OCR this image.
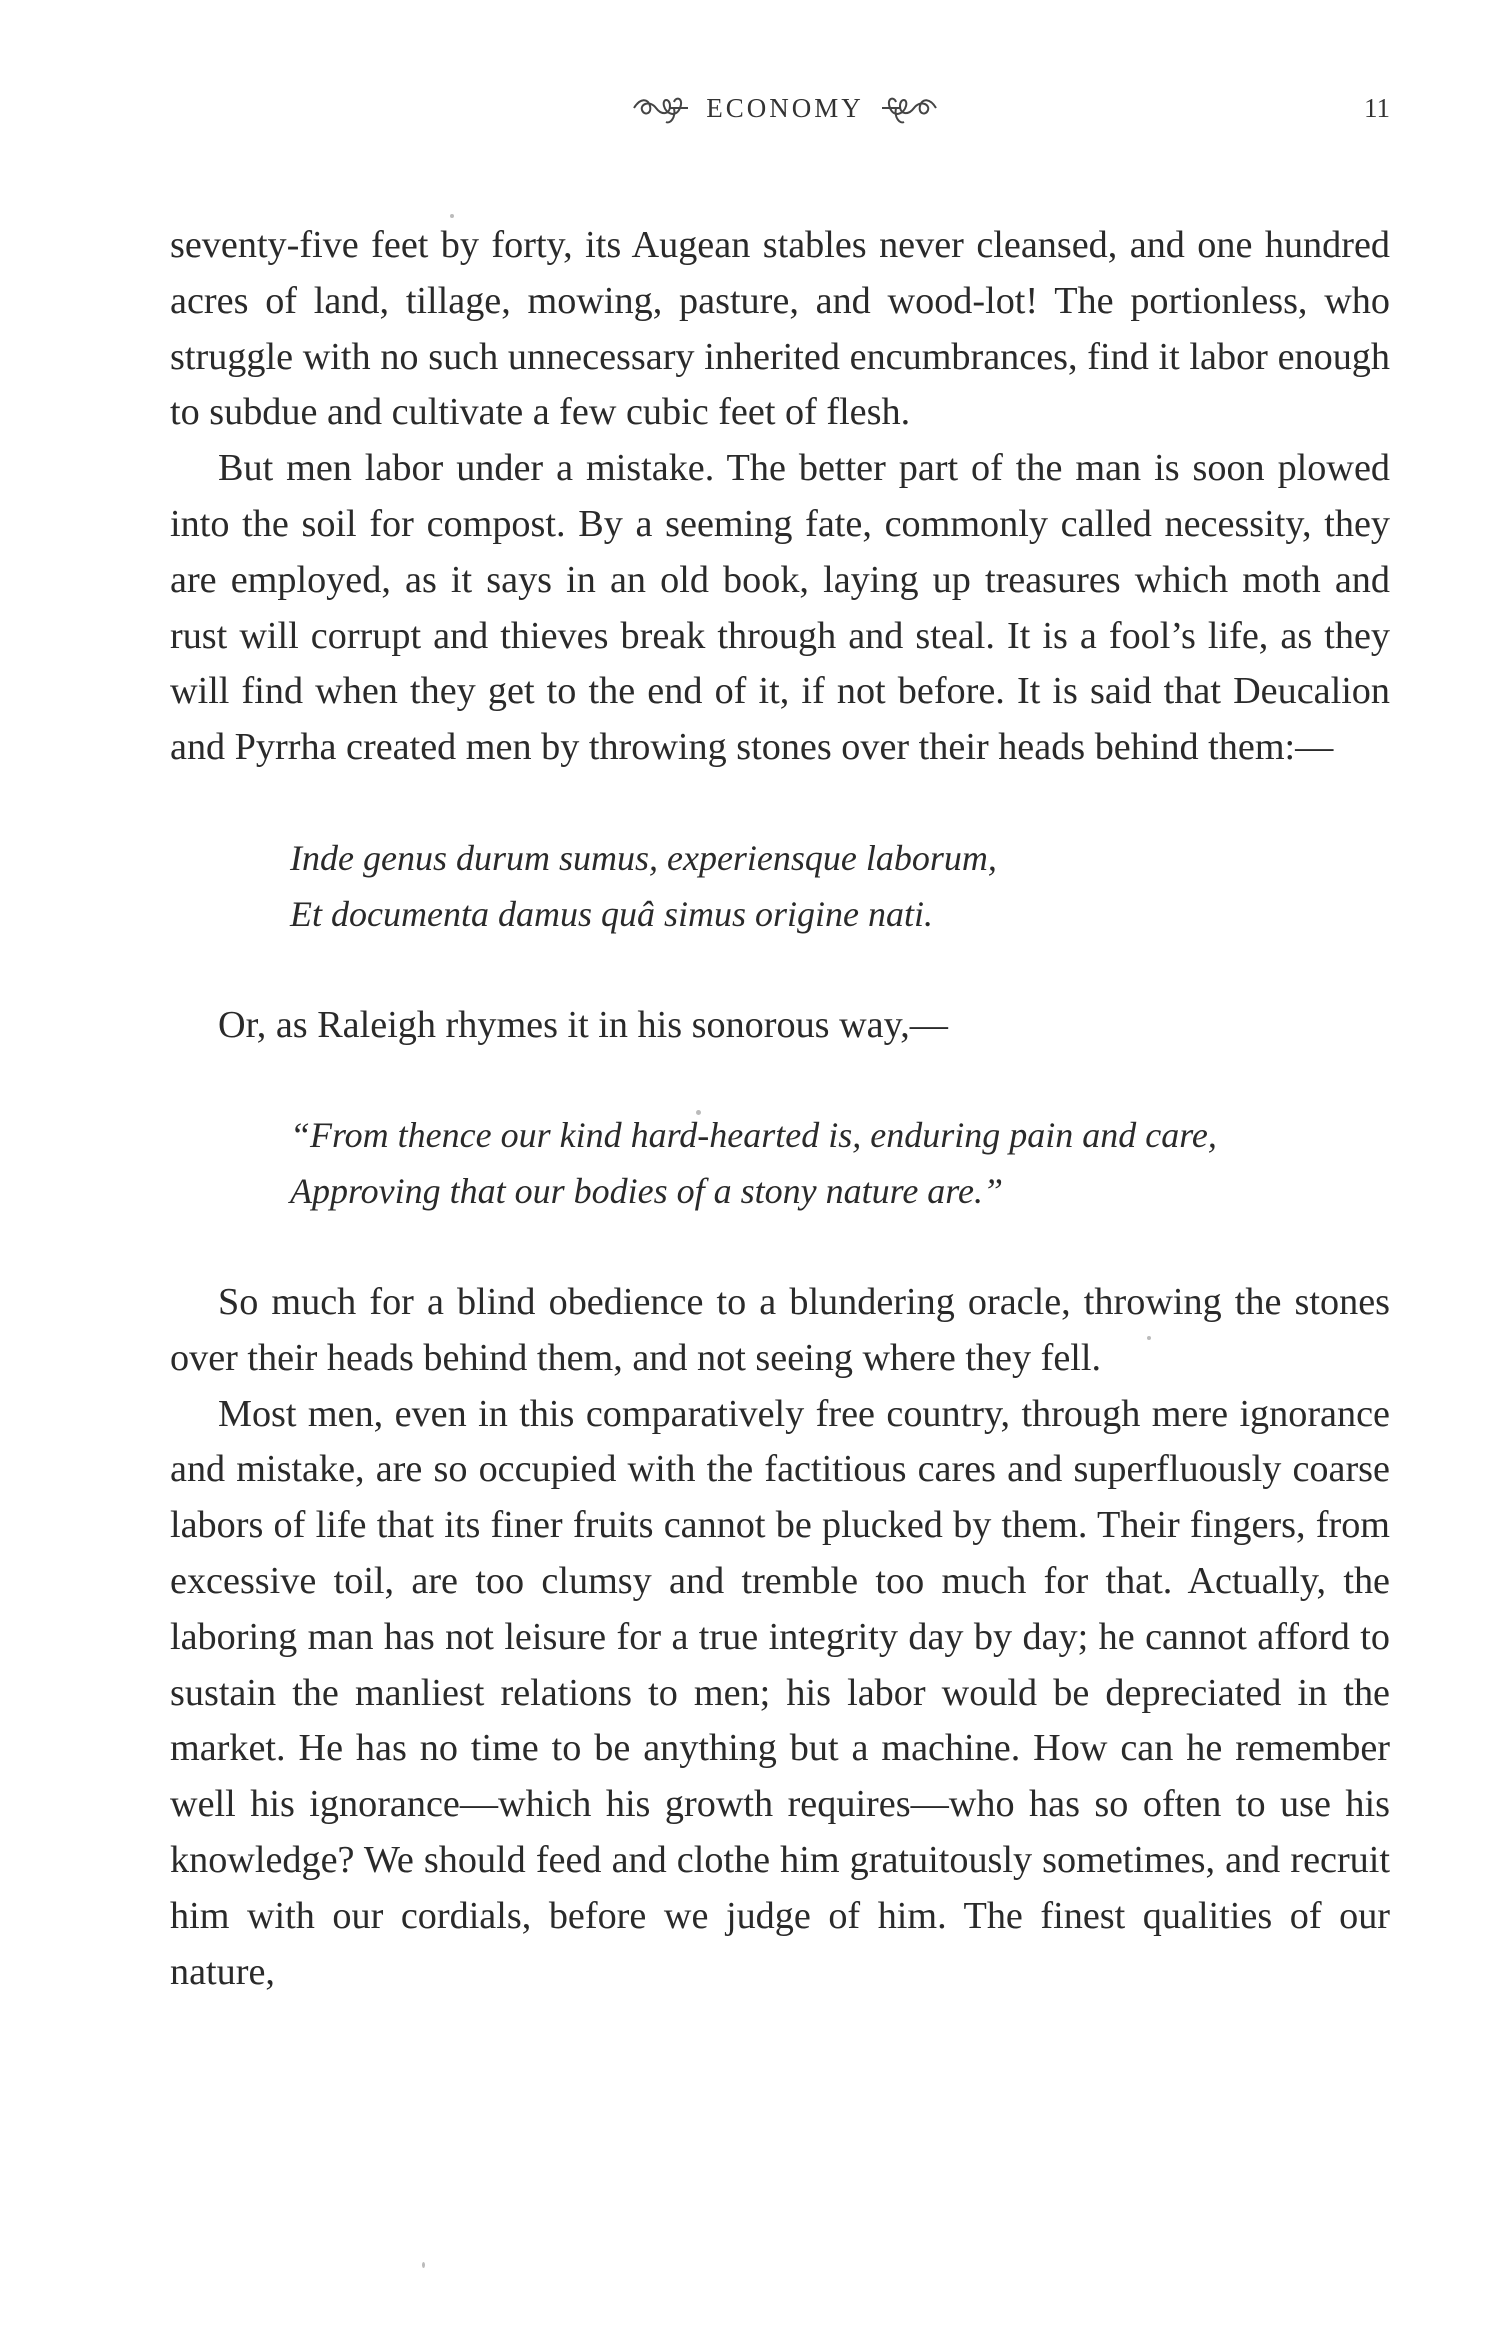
ECONOMY	11

seventy-five feet by forty, its Augean stables never cleansed, and one hundred acres of land, tillage, mowing, pasture, and wood-lot! The portionless, who struggle with no such unnecessary inherited encumbrances, find it labor enough to subdue and cultivate a few cubic feet of flesh.

But men labor under a mistake. The better part of the man is soon plowed into the soil for compost. By a seeming fate, commonly called necessity, they are employed, as it says in an old book, laying up treasures which moth and rust will corrupt and thieves break through and steal. It is a fool’s life, as they will find when they get to the end of it, if not before. It is said that Deucalion and Pyrrha created men by throwing stones over their heads behind them:—

Inde genus durum sumus, experiensque laborum,
Et documenta damus quâ simus origine nati.

Or, as Raleigh rhymes it in his sonorous way,—

“From thence our kind hard-hearted is, enduring pain and care,
Approving that our bodies of a stony nature are.”

So much for a blind obedience to a blundering oracle, throwing the stones over their heads behind them, and not seeing where they fell.

Most men, even in this comparatively free country, through mere ignorance and mistake, are so occupied with the factitious cares and superfluously coarse labors of life that its finer fruits cannot be plucked by them. Their fingers, from excessive toil, are too clumsy and tremble too much for that. Actually, the laboring man has not leisure for a true integrity day by day; he cannot afford to sustain the manliest relations to men; his labor would be depreciated in the market. He has no time to be anything but a machine. How can he remember well his ignorance—which his growth requires—who has so often to use his knowledge? We should feed and clothe him gratuitously sometimes, and recruit him with our cordials, before we judge of him. The finest qualities of our nature,
